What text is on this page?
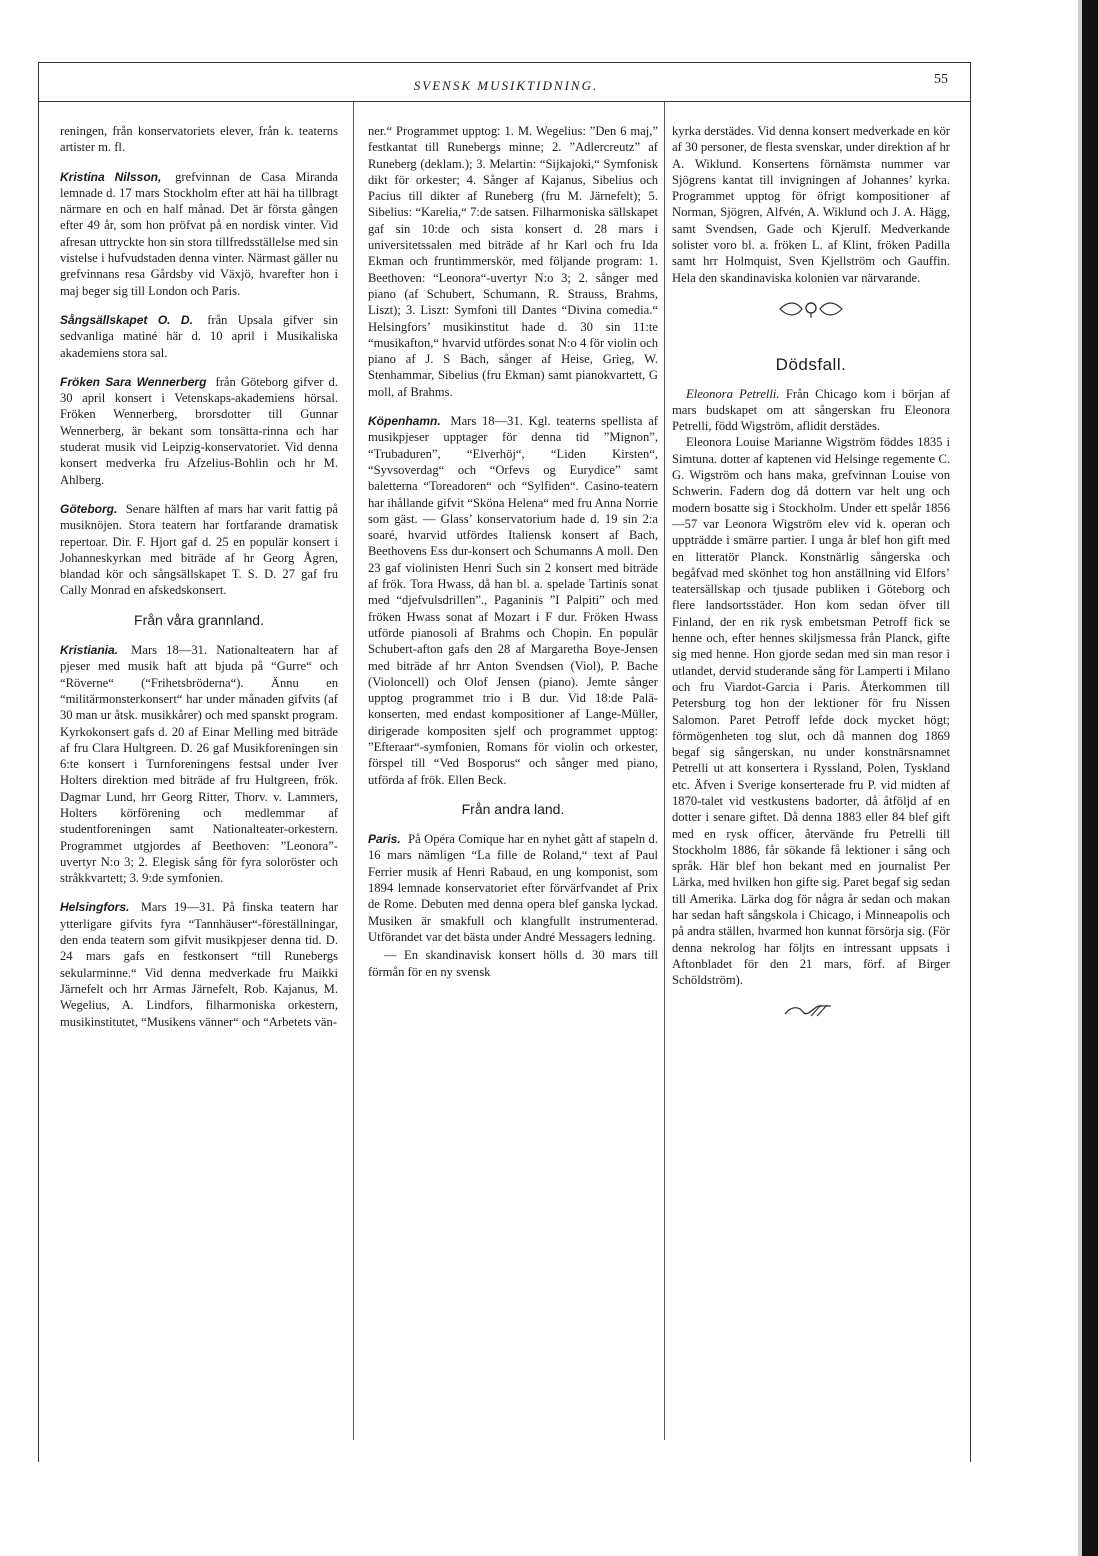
SVENSK MUSIKTIDNING.	55

reningen, från konservatoriets elever, från k. teaterns artister m. fl.

Kristina Nilsson, grefvinnan de Casa Miranda lemnade d. 17 mars Stockholm efter att häi ha tillbragt närmare en och en half månad. Det är första gången efter 49 år, som hon pröfvat på en nordisk vinter. Vid afresan uttryckte hon sin stora tillfredsställelse med sin vistelse i hufvudstaden denna vinter. Närmast gäller nu grefvinnans resa Gårdsby vid Växjö, hvarefter hon i maj beger sig till London och Paris.

Sångsällskapet O. D. från Upsala gifver sin sedvanliga matiné här d. 10 april i Musikaliska akademiens stora sal.

Fröken Sara Wennerberg från Göteborg gifver d. 30 april konsert i Vetenskaps-akademiens hörsal. Fröken Wennerberg, brorsdotter till Gunnar Wennerberg, är bekant som tonsätta-rinna och har studerat musik vid Leipzig-konservatoriet. Vid denna konsert medverka fru Afzelius-Bohlin och hr M. Ahlberg.

Göteborg. Senare hälften af mars har varit fattig på musiknöjen. Stora teatern har fortfarande dramatisk repertoar. Dir. F. Hjort gaf d. 25 en populär konsert i Johanneskyrkan med biträde af hr Georg Ågren, blandad kör och sångsällskapet T. S. D. 27 gaf fru Cally Monrad en afskedskonsert.

Från våra grannland.

Kristiania. Mars 18—31. Nationalteatern har af pjeser med musik haft att bjuda på “Gurre“ och “Röverne“ (“Frihetsbröderna“). Ännu en “militärmonsterkonsert“ har under månaden gifvits (af 30 man ur åtsk. musikkårer) och med spanskt program. Kyrkokonsert gafs d. 20 af Einar Melling med biträde af fru Clara Hultgreen. D. 26 gaf Musikforeningen sin 6:te konsert i Turnforeningens festsal under Iver Holters direktion med biträde af fru Hultgreen, frök. Dagmar Lund, hrr Georg Ritter, Thorv. v. Lammers, Holters körförening och medlemmar af studentforeningen samt Nationalteater-orkestern. Programmet utgjordes af Beethoven: ”Leonora”-uvertyr N:o 3; 2. Elegisk sång för fyra soloröster och stråkkvartett; 3. 9:de symfonien.

Helsingfors. Mars 19—31. På finska teatern har ytterligare gifvits fyra “Tannhäuser“-föreställningar, den enda teatern som gifvit musikpjeser denna tid. D. 24 mars gafs en festkonsert “till Runebergs sekularminne.“ Vid denna medverkade fru Maikki Järnefelt och hrr Armas Järnefelt, Rob. Kajanus, M. Wegelius, A. Lindfors, filharmoniska orkestern, musikinstitutet, “Musikens vänner“ och “Arbetets vän-

ner.“ Programmet upptog: 1. M. Wegelius: ”Den 6 maj,” festkantat till Runebergs minne; 2. ”Adlercreutz” af Runeberg (deklam.); 3. Melartin: “Sijkajoki,“ Symfonisk dikt för orkester; 4. Sånger af Kajanus, Sibelius och Pacius till dikter af Runeberg (fru M. Järnefelt); 5. Sibelius: “Karelia,“ 7:de satsen. Filharmoniska sällskapet gaf sin 10:de och sista konsert d. 28 mars i universitetssalen med biträde af hr Karl och fru Ida Ekman och fruntimmerskör, med följande program: 1. Beethoven: “Leonora“-uvertyr N:o 3; 2. sånger med piano (af Schubert, Schumann, R. Strauss, Brahms, Liszt); 3. Liszt: Symfoni till Dantes “Divina comedia.“ Helsingfors’ musikinstitut hade d. 30 sin 11:te “musikafton,“ hvarvid utfördes sonat N:o 4 för violin och piano af J. S Bach, sånger af Heise, Grieg, W. Stenhammar, Sibelius (fru Ekman) samt pianokvartett, G moll, af Brahms.

Köpenhamn. Mars 18—31. Kgl. teaterns spellista af musikpjeser upptager för denna tid ”Mignon”, “Trubaduren”, “Elverhöj“, “Liden Kirsten“, “Syvsoverdag“ och “Orfevs og Eurydice” samt baletterna “Toreadoren“ och “Sylfiden“. Casino-teatern har ihållande gifvit “Sköna Helena“ med fru Anna Norrie som gäst. — Glass’ konservatorium hade d. 19 sin 2:a soaré, hvarvid utfördes Italiensk konsert af Bach, Beethovens Ess dur-konsert och Schumanns A moll. Den 23 gaf violinisten Henri Such sin 2 konsert med biträde af frök. Tora Hwass, då han bl. a. spelade Tartinis sonat med “djefvulsdrillen”., Paganinis ”I Palpiti” och med fröken Hwass sonat af Mozart i F dur. Fröken Hwass utförde pianosoli af Brahms och Chopin. En populär Schubert-afton gafs den 28 af Margaretha Boye-Jensen med biträde af hrr Anton Svendsen (Viol), P. Bache (Violoncell) och Olof Jensen (piano). Jemte sånger upptog programmet trio i B dur. Vid 18:de Palä-konserten, med endast kompositioner af Lange-Müller, dirigerade kompositen sjelf och programmet upptog: ”Efteraar“-symfonien, Romans för violin och orkester, förspel till “Ved Bosporus“ och sånger med piano, utförda af frök. Ellen Beck.

Från andra land.

Paris. På Opéra Comique har en nyhet gått af stapeln d. 16 mars nämligen “La fille de Roland,“ text af Paul Ferrier musik af Henri Rabaud, en ung komponist, som 1894 lemnade konservatoriet efter förvärfvandet af Prix de Rome. Debuten med denna opera blef ganska lyckad. Musiken är smakfull och klangfullt instrumenterad. Utförandet var det bästa under André Messagers ledning.

— En skandinavisk konsert hölls d. 30 mars till förmån för en ny svensk

kyrka derstädes. Vid denna konsert medverkade en kör af 30 personer, de flesta svenskar, under direktion af hr A. Wiklund. Konsertens förnämsta nummer var Sjögrens kantat till invigningen af Johannes’ kyrka. Programmet upptog för öfrigt kompositioner af Norman, Sjögren, Alfvén, A. Wiklund och J. A. Hägg, samt Svendsen, Gade och Kjerulf. Medverkande solister voro bl. a. fröken L. af Klint, fröken Padilla samt hrr Holmquist, Sven Kjellström och Gauffin. Hela den skandinaviska kolonien var närvarande.

Dödsfall.

Eleonora Petrelli. Från Chicago kom i början af mars budskapet om att sångerskan fru Eleonora Petrelli, född Wigström, aflidit derstädes.

Eleonora Louise Marianne Wigström föddes 1835 i Simtuna. dotter af kaptenen vid Helsinge regemente C. G. Wigström och hans maka, grefvinnan Louise von Schwerin. Fadern dog då dottern var helt ung och modern bosatte sig i Stockholm. Under ett spelår 1856—57 var Leonora Wigström elev vid k. operan och uppträdde i smärre partier. I unga år blef hon gift med en litteratör Planck. Konstnärlig sångerska och begåfvad med skönhet tog hon anställning vid Elfors’ teatersällskap och tjusade publiken i Göteborg och flere landsortsstäder. Hon kom sedan öfver till Finland, der en rik rysk embetsman Petroff fick se henne och, efter hennes skiljsmessa från Planck, gifte sig med henne. Hon gjorde sedan med sin man resor i utlandet, dervid studerande sång för Lamperti i Milano och fru Viardot-Garcia i Paris. Återkommen till Petersburg tog hon der lektioner för fru Nissen Salomon. Paret Petroff lefde dock mycket högt; förmögenheten tog slut, och då mannen dog 1869 begaf sig sångerskan, nu under konstnärsnamnet Petrelli ut att konsertera i Ryssland, Polen, Tyskland etc. Äfven i Sverige konserterade fru P. vid midten af 1870-talet vid vestkustens badorter, då åtföljd af en dotter i senare giftet. Då denna 1883 eller 84 blef gift med en rysk officer, återvände fru Petrelli till Stockholm 1886, får sökande få lektioner i sång och språk. Här blef hon bekant med en journalist Per Lärka, med hvilken hon gifte sig. Paret begaf sig sedan till Amerika. Lärka dog för några år sedan och makan har sedan haft sångskola i Chicago, i Minneapolis och på andra ställen, hvarmed hon kunnat försörja sig. (För denna nekrolog har följts en intressant uppsats i Aftonbladet för den 21 mars, förf. af Birger Schöldström).
